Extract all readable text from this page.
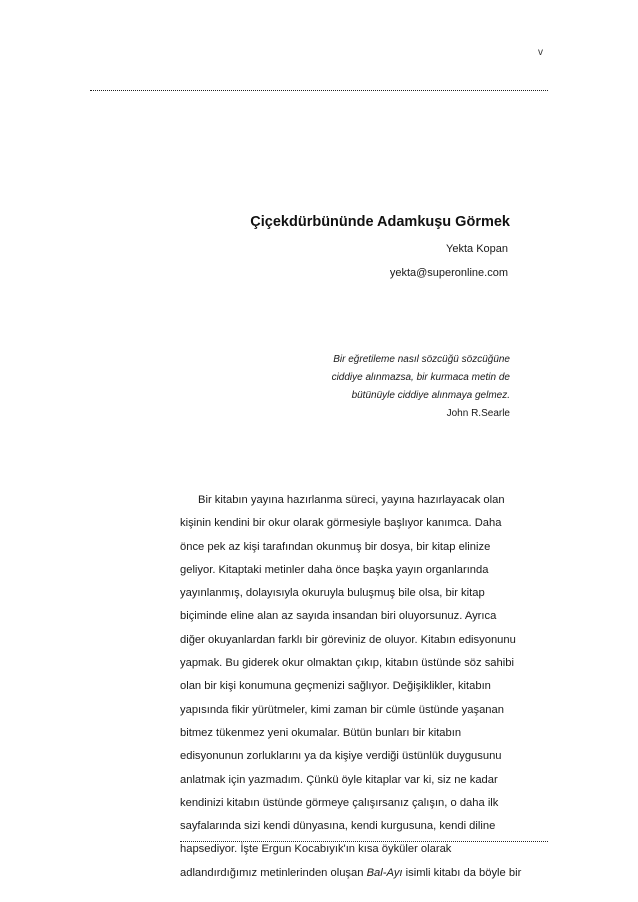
v
Çiçekdürbününde Adamkuşu Görmek
Yekta Kopan
yekta@superonline.com
Bir eğretileme nasıl sözcüğü sözcüğüne
ciddiye alınmazsa, bir kurmaca metin de
bütünüyle ciddiye alınmaya gelmez.
John R.Searle
Bir kitabın yayına hazırlanma süreci, yayına hazırlayacak olan
kişinin kendini bir okur olarak görmesiyle başlıyor kanımca. Daha
önce pek az kişi tarafından okunmuş bir dosya, bir kitap elinize
geliyor. Kitaptaki metinler daha önce başka yayın organlarında
yayınlanmış, dolayısıyla okuruyla buluşmuş bile olsa, bir kitap
biçiminde eline alan az sayıda insandan biri oluyorsunuz. Ayrıca
diğer okuyanlardan farklı bir göreviniz de oluyor. Kitabın edisyonunu
yapmak. Bu giderek okur olmaktan çıkıp, kitabın üstünde söz sahibi
olan bir kişi konumuna geçmenizi sağlıyor. Değişiklikler, kitabın
yapısında fikir yürütmeler, kimi zaman bir cümle üstünde yaşanan
bitmez tükenmez yeni okumalar. Bütün bunları bir kitabın
edisyonunun zorluklarını ya da kişiye verdiği üstünlük duygusunu
anlatmak için yazmadım. Çünkü öyle kitaplar var ki, siz ne kadar
kendinizi kitabın üstünde görmeye çalışırsanız çalışın, o daha ilk
sayfalarında sizi kendi dünyasına, kendi kurgusuna, kendi diline
hapsediyor. İşte Ergun Kocabıyık'ın kısa öyküler olarak
adlandırdığımız metinlerinden oluşan Bal-Ayı isimli kitabı da böyle bir
